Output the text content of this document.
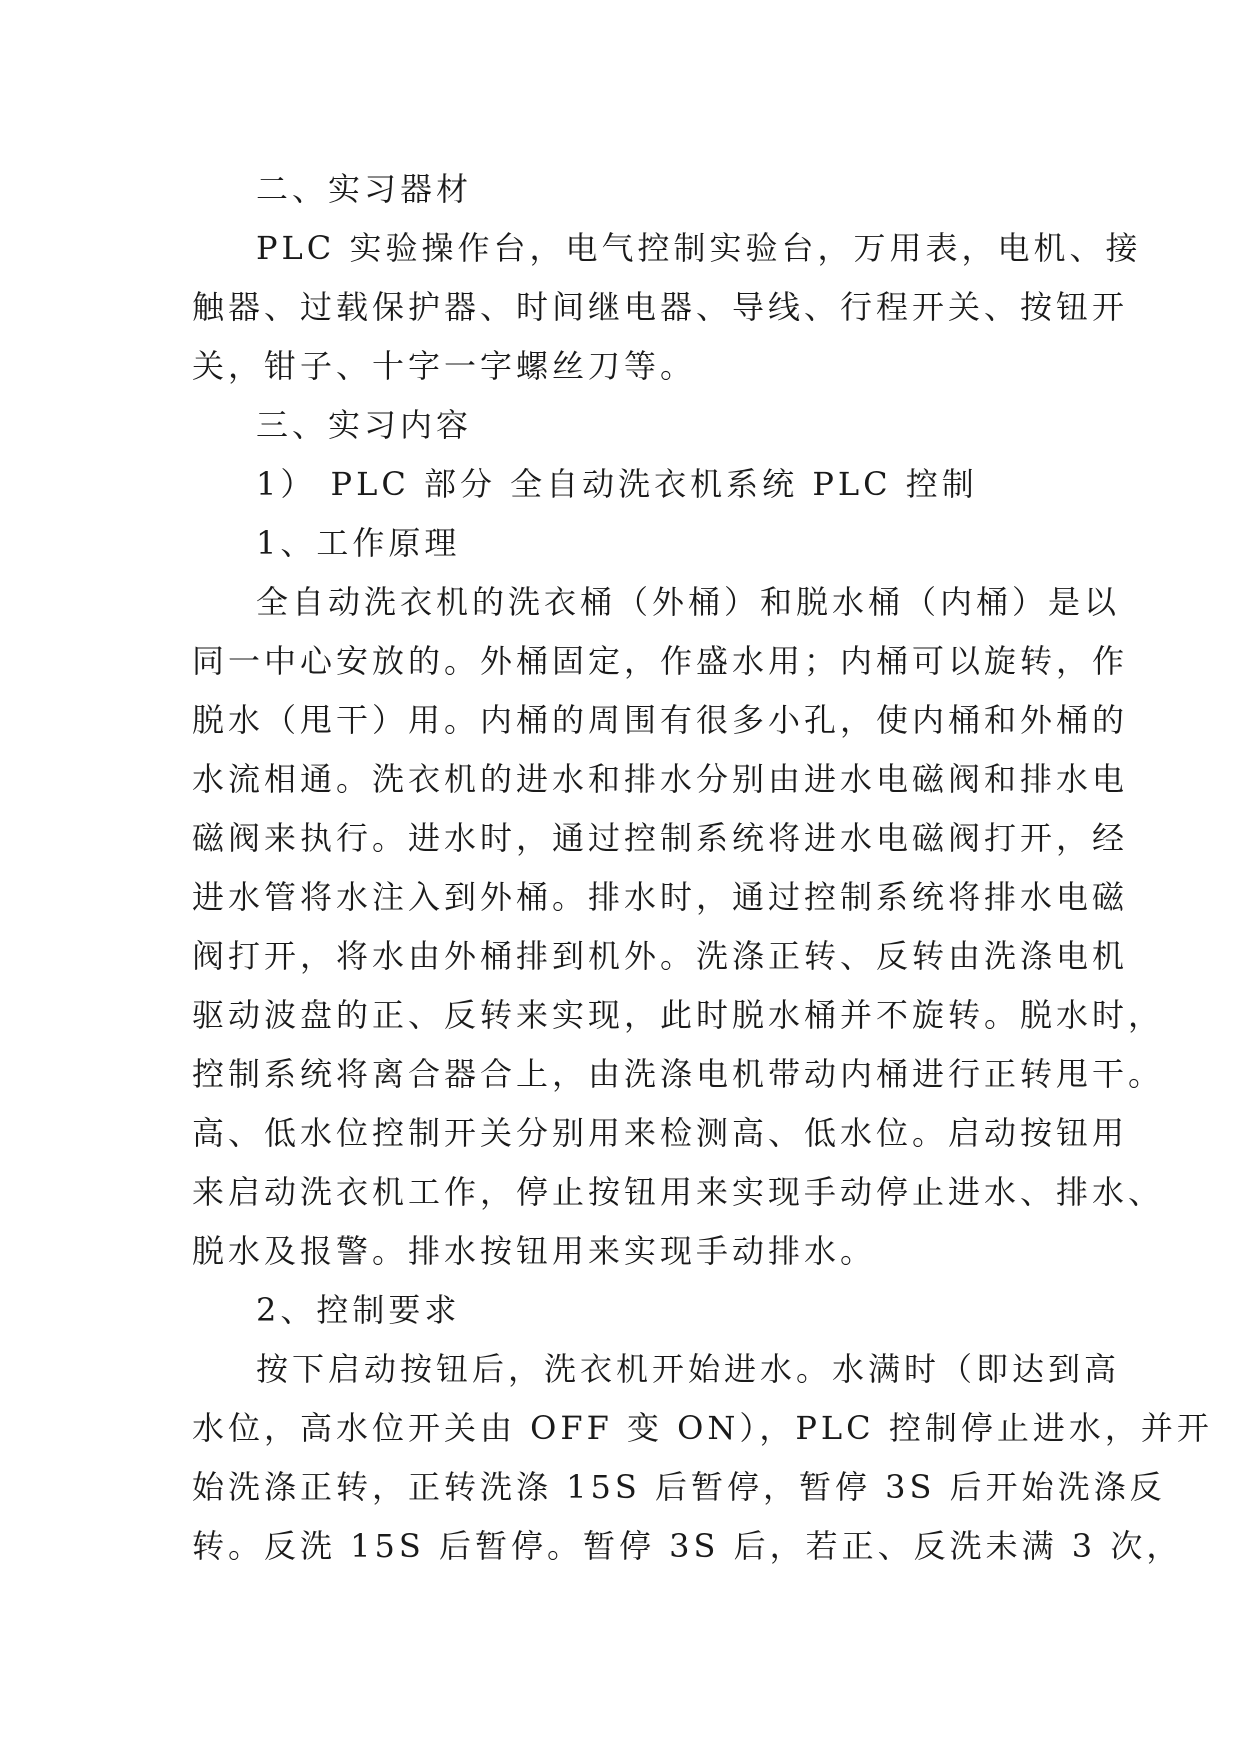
二、实习器材
PLC 实验操作台，电气控制实验台，万用表，电机、接
触器、过载保护器、时间继电器、导线、行程开关、按钮开
关，钳子、十字一字螺丝刀等。
三、实习内容
1） PLC 部分 全自动洗衣机系统 PLC 控制
1、工作原理
全自动洗衣机的洗衣桶（外桶）和脱水桶（内桶）是以
同一中心安放的。外桶固定，作盛水用；内桶可以旋转，作
脱水（甩干）用。内桶的周围有很多小孔，使内桶和外桶的
水流相通。洗衣机的进水和排水分别由进水电磁阀和排水电
磁阀来执行。进水时，通过控制系统将进水电磁阀打开，经
进水管将水注入到外桶。排水时，通过控制系统将排水电磁
阀打开，将水由外桶排到机外。洗涤正转、反转由洗涤电机
驱动波盘的正、反转来实现，此时脱水桶并不旋转。脱水时，
控制系统将离合器合上，由洗涤电机带动内桶进行正转甩干。
高、低水位控制开关分别用来检测高、低水位。启动按钮用
来启动洗衣机工作，停止按钮用来实现手动停止进水、排水、
脱水及报警。排水按钮用来实现手动排水。
2、控制要求
按下启动按钮后，洗衣机开始进水。水满时（即达到高
水位，高水位开关由 OFF 变 ON），PLC 控制停止进水，并开
始洗涤正转，正转洗涤 15S 后暂停，暂停 3S 后开始洗涤反
转。反洗 15S 后暂停。暂停 3S 后，若正、反洗未满 3 次，
